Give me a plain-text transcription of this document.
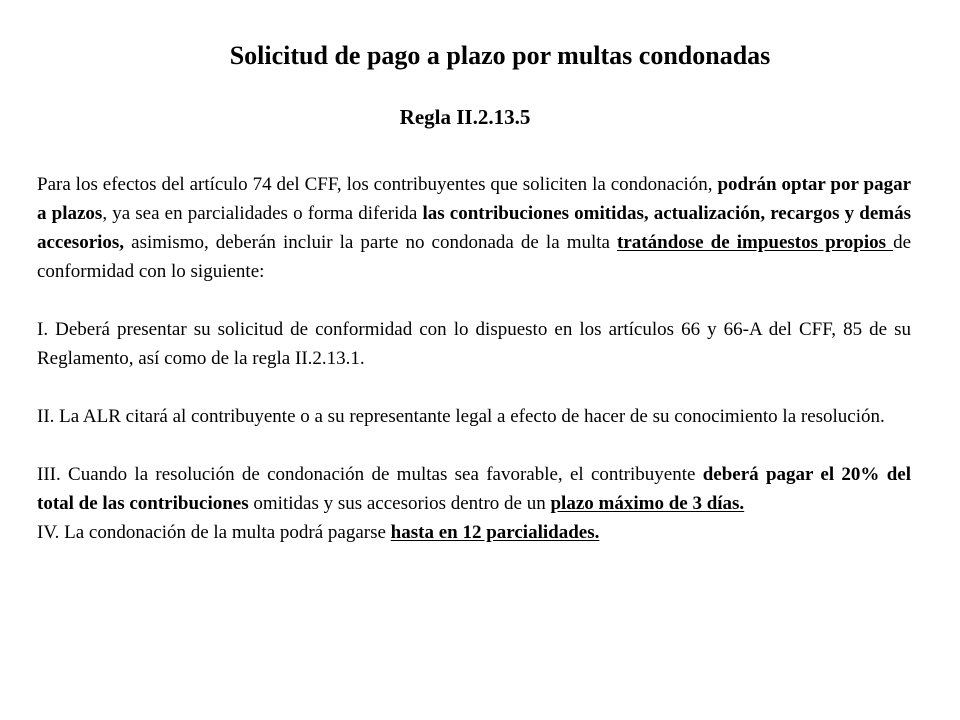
Solicitud de pago a plazo por multas condonadas
Regla II.2.13.5

Para los efectos del artículo 74 del CFF, los contribuyentes que soliciten la condonación, podrán optar por pagar a plazos, ya sea en parcialidades o forma diferida las contribuciones omitidas, actualización, recargos y demás accesorios, asimismo, deberán incluir la parte no condonada de la multa tratándose de impuestos propios de conformidad con lo siguiente:

I. Deberá presentar su solicitud de conformidad con lo dispuesto en los artículos 66 y 66-A del CFF, 85 de su Reglamento, así como de la regla II.2.13.1.

II. La ALR citará al contribuyente o a su representante legal a efecto de hacer de su conocimiento la resolución.

III. Cuando la resolución de condonación de multas sea favorable, el contribuyente deberá pagar el 20% del total de las contribuciones omitidas y sus accesorios dentro de un plazo máximo de 3 días.

IV. La condonación de la multa podrá pagarse hasta en 12 parcialidades.
